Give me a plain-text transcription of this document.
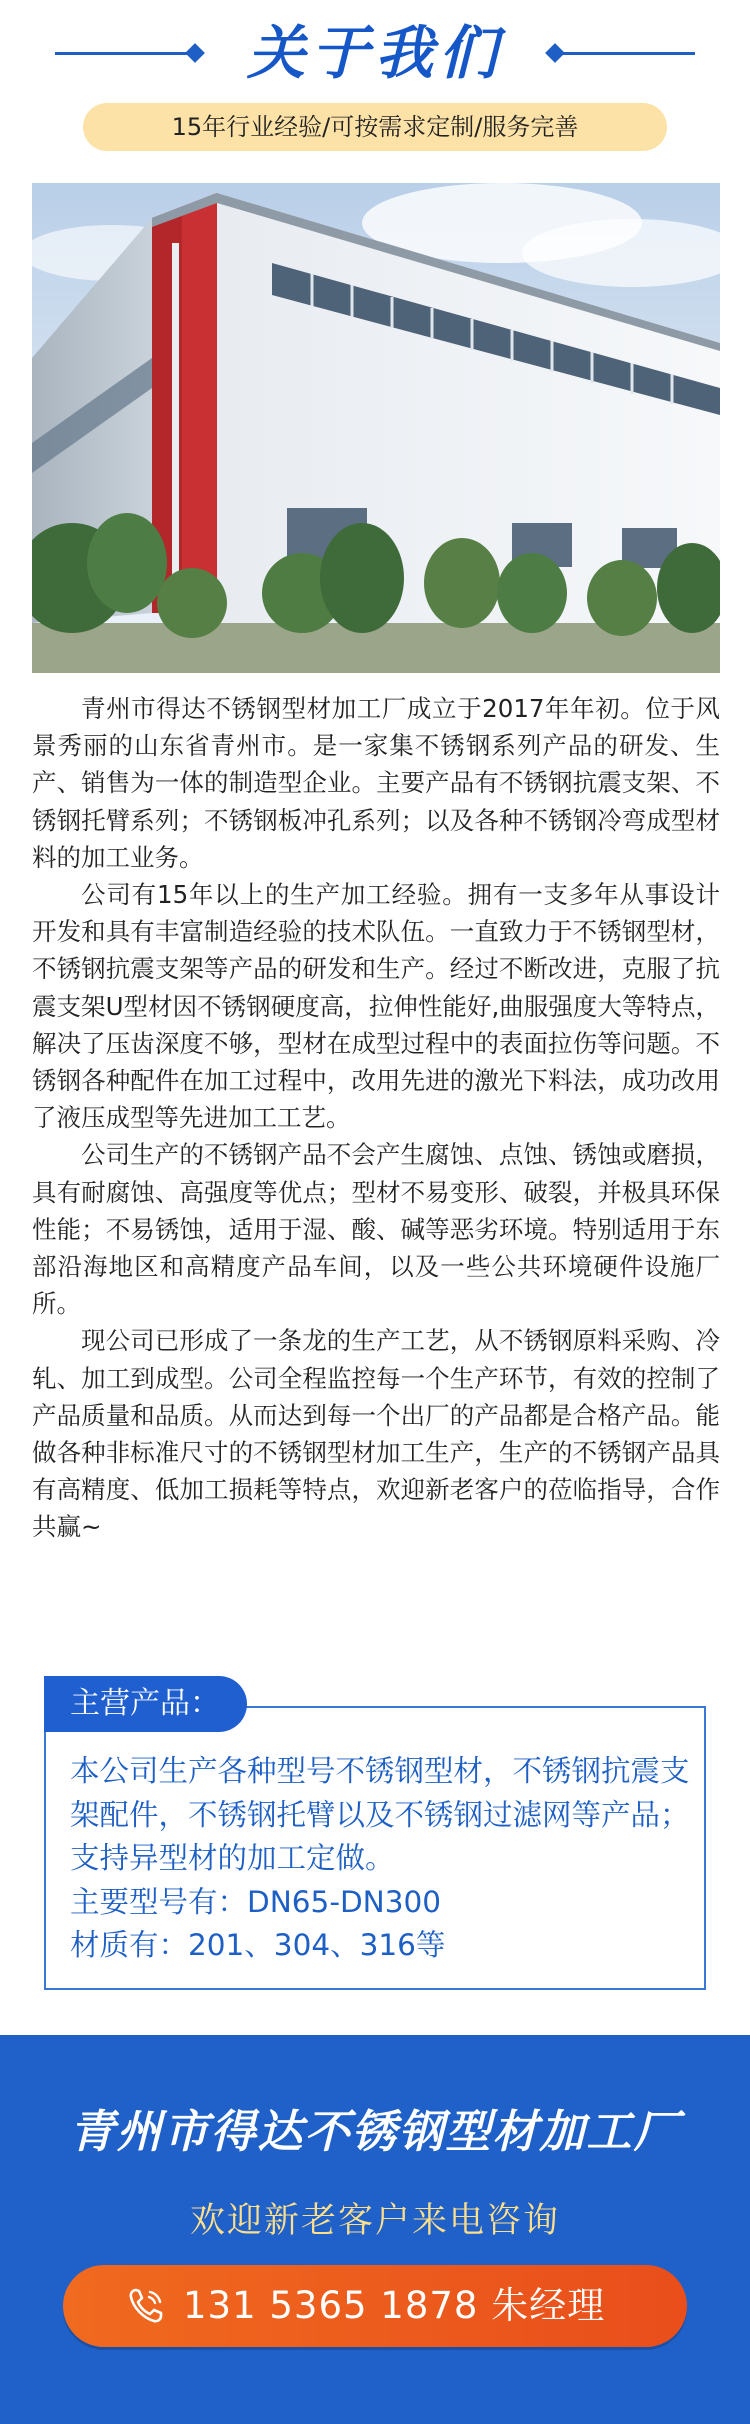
关于我们
15年行业经验/可按需求定制/服务完善

青州市得达不锈钢型材加工厂成立于2017年年初。位于风景秀丽的山东省青州市。是一家集不锈钢系列产品的研发、生产、销售为一体的制造型企业。主要产品有不锈钢抗震支架、不锈钢托臂系列；不锈钢板冲孔系列；以及各种不锈钢冷弯成型材料的加工业务。

公司有15年以上的生产加工经验。拥有一支多年从事设计开发和具有丰富制造经验的技术队伍。一直致力于不锈钢型材，不锈钢抗震支架等产品的研发和生产。经过不断改进，克服了抗震支架U型材因不锈钢硬度高，拉伸性能好,曲服强度大等特点，解决了压齿深度不够，型材在成型过程中的表面拉伤等问题。不锈钢各种配件在加工过程中，改用先进的激光下料法，成功改用了液压成型等先进加工工艺。

公司生产的不锈钢产品不会产生腐蚀、点蚀、锈蚀或磨损，具有耐腐蚀、高强度等优点；型材不易变形、破裂，并极具环保性能；不易锈蚀，适用于湿、酸、碱等恶劣环境。特别适用于东部沿海地区和高精度产品车间，以及一些公共环境硬件设施厂所。

现公司已形成了一条龙的生产工艺，从不锈钢原料采购、冷轧、加工到成型。公司全程监控每一个生产环节，有效的控制了产品质量和品质。从而达到每一个出厂的产品都是合格产品。能做各种非标准尺寸的不锈钢型材加工生产，生产的不锈钢产品具有高精度、低加工损耗等特点，欢迎新老客户的莅临指导，合作共赢~

主营产品：
本公司生产各种型号不锈钢型材，不锈钢抗震支架配件，不锈钢托臂以及不锈钢过滤网等产品；支持异型材的加工定做。
主要型号有：DN65-DN300
材质有：201、304、316等
青州市得达不锈钢型材加工厂
欢迎新老客户来电咨询
131 5365 1878 朱经理
